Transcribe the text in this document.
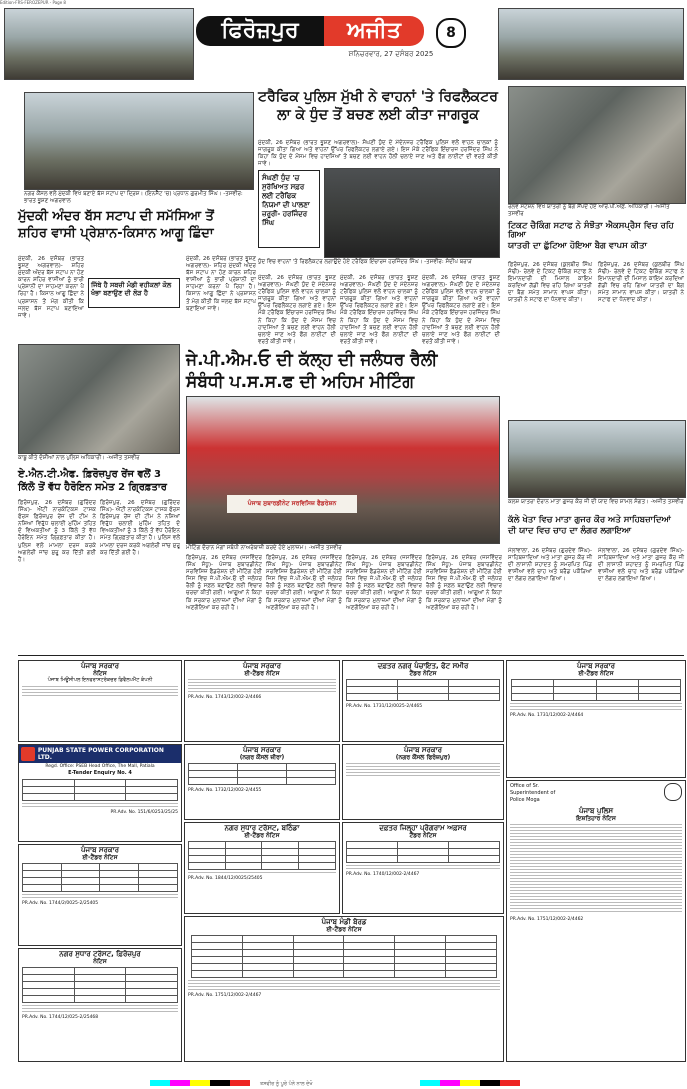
Edition-FRS-FEROZEPUR - Page 8
ਫਿਰੋਜ਼ਪੁਰ	ਅਜੀਤ
ਸ਼ਨਿਚਰਵਾਰ, 27 ਦਸੰਬਰ 2025
8
ਟਰੈਫਿਕ ਪੁਲਿਸ ਮੁੱਖੀ ਨੇ ਵਾਹਨਾਂ 'ਤੇ ਰਿਫਲੈਕਟਰ
ਲਾ ਕੇ ਧੁੰਦ ਤੋਂ ਬਚਣ ਲਈ ਕੀਤਾ ਜਾਗਰੂਕ
ਮੁੱਦਕੀ, 26 ਦਸੰਬਰ (ਭਾਰਤ ਭੂਸ਼ਣ ਅਗਰਵਾਲ)- ਸੰਘਣੀ ਧੁੰਦ ਦੇ ਮੱਦੇਨਜ਼ਰ ਟਰੈਫਿਕ ਪੁਲਿਸ ਵਲੋਂ ਵਾਹਨ ਚਾਲਕਾਂ ਨੂੰ ਜਾਗਰੂਕ ਕੀਤਾ ਗਿਆ ਅਤੇ ਵਾਹਨਾਂ ਉੱਪਰ ਰਿਫਲੈਕਟਰ ਲਗਾਏ ਗਏ। ਇਸ ਮੌਕੇ ਟਰੈਫਿਕ ਇੰਚਾਰਜ ਹਰਜਿੰਦਰ ਸਿੰਘ ਨੇ ਕਿਹਾ ਕਿ ਧੁੰਦ ਦੇ ਮੌਸਮ ਵਿਚ ਹਾਦਸਿਆਂ ਤੋਂ ਬਚਣ ਲਈ ਵਾਹਨ ਹੌਲੀ ਚਲਾਏ ਜਾਣ ਅਤੇ ਫੌਗ ਲਾਈਟਾਂ ਦੀ ਵਰਤੋਂ ਕੀਤੀ ਜਾਵੇ।
ਸੰਘਣੀ ਧੁੰਦ 'ਚ ਸੁਰੱਖਿਅਤ ਸਫ਼ਰ ਲਈ ਟਰੈਫਿਕ ਨਿਯਮਾਂ ਦੀ ਪਾਲਣਾ ਜ਼ਰੂਰੀ- ਹਰਜਿੰਦਰ ਸਿੰਘ
ਧੁੰਦ ਵਿਚ ਵਾਹਨਾਂ 'ਤੇ ਰਿਫਲੈਕਟਰ ਲਗਾਉਂਦੇ ਹੋਏ ਟਰੈਫਿਕ ਇੰਚਾਰਜ ਹਰਜਿੰਦਰ ਸਿੰਘ। -ਤਸਵੀਰ: ਸੰਦੀਪ ਬਰਾੜ
ਨਗਰ ਕੌਂਸਲ ਵਲੋਂ ਮੁੱਦਕੀ ਵਿਖੇ ਬਣਾਏ ਬੱਸ ਸਟਾਪ ਦਾ ਦ੍ਰਿਸ਼। (ਇਨਸੈੱਟ 'ਚ) ਪ੍ਰਧਾਨ ਗੁਰਮੀਤ ਸਿੰਘ। -ਤਸਵੀਰ: ਭਾਰਤ ਭੂਸ਼ਣ ਅਗਰਵਾਲ
ਮੁੱਦਕੀ ਅੰਦਰ ਬੱਸ ਸਟਾਪ ਦੀ ਸਮੱਸਿਆ ਤੋਂ
ਸ਼ਹਿਰ ਵਾਸੀ ਪ੍ਰੇਸ਼ਾਨ-ਕਿਸਾਨ ਆਗੂ ਛਿੰਦਾ
ਜਿੱਥੇ ਹੈ ਸਬਜ਼ੀ ਮੰਡੀ ਵਹੀਕਲਾਂ ਕੋਲ ਖੰਭਾ ਬਣਾਉਣ ਦੀ ਲੋੜ ਹੈ
ਮੁੱਦਕੀ, 26 ਦਸੰਬਰ (ਭਾਰਤ ਭੂਸ਼ਣ ਅਗਰਵਾਲ)- ਸ਼ਹਿਰ ਮੁੱਦਕੀ ਅੰਦਰ ਬੱਸ ਸਟਾਪ ਨਾ ਹੋਣ ਕਾਰਨ ਸ਼ਹਿਰ ਵਾਸੀਆਂ ਨੂੰ ਭਾਰੀ ਪ੍ਰੇਸ਼ਾਨੀ ਦਾ ਸਾਹਮਣਾ ਕਰਨਾ ਪੈ ਰਿਹਾ ਹੈ। ਕਿਸਾਨ ਆਗੂ ਛਿੰਦਾ ਨੇ ਪ੍ਰਸ਼ਾਸਨ ਤੋਂ ਮੰਗ ਕੀਤੀ ਕਿ ਜਲਦ ਬੱਸ ਸਟਾਪ ਬਣਾਇਆ ਜਾਵੇ।
ਮੁੱਦਕੀ, 26 ਦਸੰਬਰ (ਭਾਰਤ ਭੂਸ਼ਣ ਅਗਰਵਾਲ)- ਸ਼ਹਿਰ ਮੁੱਦਕੀ ਅੰਦਰ ਬੱਸ ਸਟਾਪ ਨਾ ਹੋਣ ਕਾਰਨ ਸ਼ਹਿਰ ਵਾਸੀਆਂ ਨੂੰ ਭਾਰੀ ਪ੍ਰੇਸ਼ਾਨੀ ਦਾ ਸਾਹਮਣਾ ਕਰਨਾ ਪੈ ਰਿਹਾ ਹੈ। ਕਿਸਾਨ ਆਗੂ ਛਿੰਦਾ ਨੇ ਪ੍ਰਸ਼ਾਸਨ ਤੋਂ ਮੰਗ ਕੀਤੀ ਕਿ ਜਲਦ ਬੱਸ ਸਟਾਪ ਬਣਾਇਆ ਜਾਵੇ।
ਮੁੱਦਕੀ, 26 ਦਸੰਬਰ (ਭਾਰਤ ਭੂਸ਼ਣ ਅਗਰਵਾਲ)- ਸੰਘਣੀ ਧੁੰਦ ਦੇ ਮੱਦੇਨਜ਼ਰ ਟਰੈਫਿਕ ਪੁਲਿਸ ਵਲੋਂ ਵਾਹਨ ਚਾਲਕਾਂ ਨੂੰ ਜਾਗਰੂਕ ਕੀਤਾ ਗਿਆ ਅਤੇ ਵਾਹਨਾਂ ਉੱਪਰ ਰਿਫਲੈਕਟਰ ਲਗਾਏ ਗਏ। ਇਸ ਮੌਕੇ ਟਰੈਫਿਕ ਇੰਚਾਰਜ ਹਰਜਿੰਦਰ ਸਿੰਘ ਨੇ ਕਿਹਾ ਕਿ ਧੁੰਦ ਦੇ ਮੌਸਮ ਵਿਚ ਹਾਦਸਿਆਂ ਤੋਂ ਬਚਣ ਲਈ ਵਾਹਨ ਹੌਲੀ ਚਲਾਏ ਜਾਣ ਅਤੇ ਫੌਗ ਲਾਈਟਾਂ ਦੀ ਵਰਤੋਂ ਕੀਤੀ ਜਾਵੇ।
ਮੁੱਦਕੀ, 26 ਦਸੰਬਰ (ਭਾਰਤ ਭੂਸ਼ਣ ਅਗਰਵਾਲ)- ਸੰਘਣੀ ਧੁੰਦ ਦੇ ਮੱਦੇਨਜ਼ਰ ਟਰੈਫਿਕ ਪੁਲਿਸ ਵਲੋਂ ਵਾਹਨ ਚਾਲਕਾਂ ਨੂੰ ਜਾਗਰੂਕ ਕੀਤਾ ਗਿਆ ਅਤੇ ਵਾਹਨਾਂ ਉੱਪਰ ਰਿਫਲੈਕਟਰ ਲਗਾਏ ਗਏ। ਇਸ ਮੌਕੇ ਟਰੈਫਿਕ ਇੰਚਾਰਜ ਹਰਜਿੰਦਰ ਸਿੰਘ ਨੇ ਕਿਹਾ ਕਿ ਧੁੰਦ ਦੇ ਮੌਸਮ ਵਿਚ ਹਾਦਸਿਆਂ ਤੋਂ ਬਚਣ ਲਈ ਵਾਹਨ ਹੌਲੀ ਚਲਾਏ ਜਾਣ ਅਤੇ ਫੌਗ ਲਾਈਟਾਂ ਦੀ ਵਰਤੋਂ ਕੀਤੀ ਜਾਵੇ।
ਮੁੱਦਕੀ, 26 ਦਸੰਬਰ (ਭਾਰਤ ਭੂਸ਼ਣ ਅਗਰਵਾਲ)- ਸੰਘਣੀ ਧੁੰਦ ਦੇ ਮੱਦੇਨਜ਼ਰ ਟਰੈਫਿਕ ਪੁਲਿਸ ਵਲੋਂ ਵਾਹਨ ਚਾਲਕਾਂ ਨੂੰ ਜਾਗਰੂਕ ਕੀਤਾ ਗਿਆ ਅਤੇ ਵਾਹਨਾਂ ਉੱਪਰ ਰਿਫਲੈਕਟਰ ਲਗਾਏ ਗਏ। ਇਸ ਮੌਕੇ ਟਰੈਫਿਕ ਇੰਚਾਰਜ ਹਰਜਿੰਦਰ ਸਿੰਘ ਨੇ ਕਿਹਾ ਕਿ ਧੁੰਦ ਦੇ ਮੌਸਮ ਵਿਚ ਹਾਦਸਿਆਂ ਤੋਂ ਬਚਣ ਲਈ ਵਾਹਨ ਹੌਲੀ ਚਲਾਏ ਜਾਣ ਅਤੇ ਫੌਗ ਲਾਈਟਾਂ ਦੀ ਵਰਤੋਂ ਕੀਤੀ ਜਾਵੇ।
ਕਾਬੂ ਕੀਤੇ ਦੋਸ਼ੀਆਂ ਨਾਲ ਪੁਲਿਸ ਅਧਿਕਾਰੀ। -ਅਜੀਤ ਤਸਵੀਰ
ਏ.ਐਨ.ਟੀ.ਐਫ. ਫ਼ਿਰੋਜ਼ਪੁਰ ਰੇਂਜ ਵਲੋਂ 3
ਕਿੱਲੋ ਤੋਂ ਵੱਧ ਹੈਰੋਇਨ ਸਮੇਤ 2 ਗ੍ਰਿਫ਼ਤਾਰ
ਫ਼ਿਰੋਜ਼ਪੁਰ, 26 ਦਸੰਬਰ (ਗੁਰਿੰਦਰ ਸਿੰਘ)- ਐਂਟੀ ਨਾਰਕੋਟਿਕਸ ਟਾਸਕ ਫੋਰਸ ਫ਼ਿਰੋਜ਼ਪੁਰ ਰੇਂਜ ਦੀ ਟੀਮ ਨੇ ਨਸ਼ਿਆਂ ਵਿਰੁੱਧ ਚਲਾਈ ਮੁਹਿੰਮ ਤਹਿਤ ਦੋ ਵਿਅਕਤੀਆਂ ਨੂੰ 3 ਕਿੱਲੋ ਤੋਂ ਵੱਧ ਹੈਰੋਇਨ ਸਮੇਤ ਗ੍ਰਿਫ਼ਤਾਰ ਕੀਤਾ ਹੈ। ਪੁਲਿਸ ਵਲੋਂ ਮਾਮਲਾ ਦਰਜ ਕਰਕੇ ਅਗਲੇਰੀ ਜਾਂਚ ਸ਼ੁਰੂ ਕਰ ਦਿੱਤੀ ਗਈ ਹੈ।
ਫ਼ਿਰੋਜ਼ਪੁਰ, 26 ਦਸੰਬਰ (ਗੁਰਿੰਦਰ ਸਿੰਘ)- ਐਂਟੀ ਨਾਰਕੋਟਿਕਸ ਟਾਸਕ ਫੋਰਸ ਫ਼ਿਰੋਜ਼ਪੁਰ ਰੇਂਜ ਦੀ ਟੀਮ ਨੇ ਨਸ਼ਿਆਂ ਵਿਰੁੱਧ ਚਲਾਈ ਮੁਹਿੰਮ ਤਹਿਤ ਦੋ ਵਿਅਕਤੀਆਂ ਨੂੰ 3 ਕਿੱਲੋ ਤੋਂ ਵੱਧ ਹੈਰੋਇਨ ਸਮੇਤ ਗ੍ਰਿਫ਼ਤਾਰ ਕੀਤਾ ਹੈ। ਪੁਲਿਸ ਵਲੋਂ ਮਾਮਲਾ ਦਰਜ ਕਰਕੇ ਅਗਲੇਰੀ ਜਾਂਚ ਸ਼ੁਰੂ ਕਰ ਦਿੱਤੀ ਗਈ ਹੈ।
ਜੇ.ਪੀ.ਐਮ.ਓ ਦੀ ਕੱਲ੍ਹ ਦੀ ਜਲੰਧਰ ਰੈਲੀ
ਸੰਬੰਧੀ ਪ.ਸ.ਸ.ਫ ਦੀ ਅਹਿਮ ਮੀਟਿੰਗ
ਪੰਜਾਬ ਸੁਬਾਰਡੀਨੇਟ ਸਰਵਿਸਿਜ਼ ਫੈਡਰੇਸ਼ਨ
ਮੀਟਿੰਗ ਦੌਰਾਨ ਮੰਗਾਂ ਸਬੰਧੀ ਨਾਅਰੇਬਾਜ਼ੀ ਕਰਦੇ ਹੋਏ ਮੁਲਾਜ਼ਮ। -ਅਜੀਤ ਤਸਵੀਰ
ਫ਼ਿਰੋਜ਼ਪੁਰ, 26 ਦਸੰਬਰ (ਜਸਵਿੰਦਰ ਸਿੰਘ ਸੰਧੂ)- ਪੰਜਾਬ ਸੁਬਾਰਡੀਨੇਟ ਸਰਵਿਸਿਜ਼ ਫੈਡਰੇਸ਼ਨ ਦੀ ਮੀਟਿੰਗ ਹੋਈ ਜਿਸ ਵਿਚ ਜੇ.ਪੀ.ਐਮ.ਓ ਦੀ ਜਲੰਧਰ ਰੈਲੀ ਨੂੰ ਸਫ਼ਲ ਬਣਾਉਣ ਲਈ ਵਿਚਾਰ ਚਰਚਾ ਕੀਤੀ ਗਈ। ਆਗੂਆਂ ਨੇ ਕਿਹਾ ਕਿ ਸਰਕਾਰ ਮੁਲਾਜ਼ਮਾਂ ਦੀਆਂ ਮੰਗਾਂ ਨੂੰ ਅਣਗੌਲਿਆ ਕਰ ਰਹੀ ਹੈ।
ਫ਼ਿਰੋਜ਼ਪੁਰ, 26 ਦਸੰਬਰ (ਜਸਵਿੰਦਰ ਸਿੰਘ ਸੰਧੂ)- ਪੰਜਾਬ ਸੁਬਾਰਡੀਨੇਟ ਸਰਵਿਸਿਜ਼ ਫੈਡਰੇਸ਼ਨ ਦੀ ਮੀਟਿੰਗ ਹੋਈ ਜਿਸ ਵਿਚ ਜੇ.ਪੀ.ਐਮ.ਓ ਦੀ ਜਲੰਧਰ ਰੈਲੀ ਨੂੰ ਸਫ਼ਲ ਬਣਾਉਣ ਲਈ ਵਿਚਾਰ ਚਰਚਾ ਕੀਤੀ ਗਈ। ਆਗੂਆਂ ਨੇ ਕਿਹਾ ਕਿ ਸਰਕਾਰ ਮੁਲਾਜ਼ਮਾਂ ਦੀਆਂ ਮੰਗਾਂ ਨੂੰ ਅਣਗੌਲਿਆ ਕਰ ਰਹੀ ਹੈ।
ਫ਼ਿਰੋਜ਼ਪੁਰ, 26 ਦਸੰਬਰ (ਜਸਵਿੰਦਰ ਸਿੰਘ ਸੰਧੂ)- ਪੰਜਾਬ ਸੁਬਾਰਡੀਨੇਟ ਸਰਵਿਸਿਜ਼ ਫੈਡਰੇਸ਼ਨ ਦੀ ਮੀਟਿੰਗ ਹੋਈ ਜਿਸ ਵਿਚ ਜੇ.ਪੀ.ਐਮ.ਓ ਦੀ ਜਲੰਧਰ ਰੈਲੀ ਨੂੰ ਸਫ਼ਲ ਬਣਾਉਣ ਲਈ ਵਿਚਾਰ ਚਰਚਾ ਕੀਤੀ ਗਈ। ਆਗੂਆਂ ਨੇ ਕਿਹਾ ਕਿ ਸਰਕਾਰ ਮੁਲਾਜ਼ਮਾਂ ਦੀਆਂ ਮੰਗਾਂ ਨੂੰ ਅਣਗੌਲਿਆ ਕਰ ਰਹੀ ਹੈ।
ਫ਼ਿਰੋਜ਼ਪੁਰ, 26 ਦਸੰਬਰ (ਜਸਵਿੰਦਰ ਸਿੰਘ ਸੰਧੂ)- ਪੰਜਾਬ ਸੁਬਾਰਡੀਨੇਟ ਸਰਵਿਸਿਜ਼ ਫੈਡਰੇਸ਼ਨ ਦੀ ਮੀਟਿੰਗ ਹੋਈ ਜਿਸ ਵਿਚ ਜੇ.ਪੀ.ਐਮ.ਓ ਦੀ ਜਲੰਧਰ ਰੈਲੀ ਨੂੰ ਸਫ਼ਲ ਬਣਾਉਣ ਲਈ ਵਿਚਾਰ ਚਰਚਾ ਕੀਤੀ ਗਈ। ਆਗੂਆਂ ਨੇ ਕਿਹਾ ਕਿ ਸਰਕਾਰ ਮੁਲਾਜ਼ਮਾਂ ਦੀਆਂ ਮੰਗਾਂ ਨੂੰ ਅਣਗੌਲਿਆ ਕਰ ਰਹੀ ਹੈ।
ਰੇਲਵੇ ਸਟੇਸ਼ਨ ਵਿਖੇ ਯਾਤਰੀ ਨੂੰ ਬੈਗ ਸੌਂਪਦੇ ਹੋਏ ਆਰ.ਪੀ.ਐਫ਼. ਅਧਿਕਾਰੀ। -ਅਜੀਤ ਤਸਵੀਰ
ਟਿਕਟ ਚੈਕਿੰਗ ਸਟਾਫ ਨੇ ਸੰਝੌਤਾ ਐਕਸਪ੍ਰੈਸ ਵਿਚ ਰਹਿ ਗਿਆ
ਯਾਤਰੀ ਦਾ ਛੁੱਟਿਆ ਹੋਇਆ ਬੈਗ ਵਾਪਸ ਕੀਤਾ
ਫ਼ਿਰੋਜ਼ਪੁਰ, 26 ਦਸੰਬਰ (ਕੁਲਬੀਰ ਸਿੰਘ ਸੋਢੀ)- ਰੇਲਵੇ ਦੇ ਟਿਕਟ ਚੈਕਿੰਗ ਸਟਾਫ ਨੇ ਇਮਾਨਦਾਰੀ ਦੀ ਮਿਸਾਲ ਕਾਇਮ ਕਰਦਿਆਂ ਗੱਡੀ ਵਿਚ ਰਹਿ ਗਿਆ ਯਾਤਰੀ ਦਾ ਬੈਗ ਸਮੇਤ ਸਾਮਾਨ ਵਾਪਸ ਕੀਤਾ। ਯਾਤਰੀ ਨੇ ਸਟਾਫ ਦਾ ਧੰਨਵਾਦ ਕੀਤਾ।
ਫ਼ਿਰੋਜ਼ਪੁਰ, 26 ਦਸੰਬਰ (ਕੁਲਬੀਰ ਸਿੰਘ ਸੋਢੀ)- ਰੇਲਵੇ ਦੇ ਟਿਕਟ ਚੈਕਿੰਗ ਸਟਾਫ ਨੇ ਇਮਾਨਦਾਰੀ ਦੀ ਮਿਸਾਲ ਕਾਇਮ ਕਰਦਿਆਂ ਗੱਡੀ ਵਿਚ ਰਹਿ ਗਿਆ ਯਾਤਰੀ ਦਾ ਬੈਗ ਸਮੇਤ ਸਾਮਾਨ ਵਾਪਸ ਕੀਤਾ। ਯਾਤਰੀ ਨੇ ਸਟਾਫ ਦਾ ਧੰਨਵਾਦ ਕੀਤਾ।
ਕਲਸ਼ ਯਾਤਰਾ ਦੌਰਾਨ ਮਾਤਾ ਗੁਜਰ ਕੌਰ ਜੀ ਦੀ ਯਾਦ ਵਿਚ ਸ਼ਾਮਲ ਸੰਗਤ। -ਅਜੀਤ ਤਸਵੀਰ
ਕੱਲੇ ਖੇਤਾ ਵਿਚ ਮਾਤਾ ਗੁਜਰ ਕੌਰ ਅਤੇ ਸਾਹਿਬਜ਼ਾਦਿਆਂ
ਦੀ ਯਾਦ ਵਿਚ ਚਾਹ ਦਾ ਲੰਗਰ ਲਗਾਇਆ
ਮੱਲਾਂਵਾਲਾ, 26 ਦਸੰਬਰ (ਗੁਰਦੇਵ ਸਿੰਘ)- ਸਾਹਿਬਜ਼ਾਦਿਆਂ ਅਤੇ ਮਾਤਾ ਗੁਜਰ ਕੌਰ ਜੀ ਦੀ ਲਾਸਾਨੀ ਸ਼ਹਾਦਤ ਨੂੰ ਸਮਰਪਿਤ ਪਿੰਡ ਵਾਸੀਆਂ ਵਲੋਂ ਚਾਹ ਅਤੇ ਬਰੈਡ ਪਕੌੜਿਆਂ ਦਾ ਲੰਗਰ ਲਗਾਇਆ ਗਿਆ।
ਮੱਲਾਂਵਾਲਾ, 26 ਦਸੰਬਰ (ਗੁਰਦੇਵ ਸਿੰਘ)- ਸਾਹਿਬਜ਼ਾਦਿਆਂ ਅਤੇ ਮਾਤਾ ਗੁਜਰ ਕੌਰ ਜੀ ਦੀ ਲਾਸਾਨੀ ਸ਼ਹਾਦਤ ਨੂੰ ਸਮਰਪਿਤ ਪਿੰਡ ਵਾਸੀਆਂ ਵਲੋਂ ਚਾਹ ਅਤੇ ਬਰੈਡ ਪਕੌੜਿਆਂ ਦਾ ਲੰਗਰ ਲਗਾਇਆ ਗਿਆ।
ਪੰਜਾਬ ਸਰਕਾਰ
ਨੋਟਿਸ
ਪੰਜਾਬ ਮਿਊਂਸੀਪਲ ਇਨਫਰਾਸਟਰੱਕਚਰ ਡਿਵੈਲਪਮੈਂਟ ਕੰਪਨੀ
PUNJAB STATE POWER CORPORATION LTD.
Regd. Office: PSEB Head Office, The Mall, Patiala
E-Tender Enquiry No. 4

PR.Adv. No. 151/6/0253/25/25
ਪੰਜਾਬ ਸਰਕਾਰ
ਈ-ਟੈਂਡਰ ਨੋਟਿਸ

PR.Adv. No. 1744/2/0025-2/25405
ਨਗਰ ਸੁਧਾਰ ਟਰੱਸਟ, ਫ਼ਿਰੋਜ਼ਪੁਰ
ਨੋਟਿਸ

PR.Adv. No. 1744/12/025-2/25468
ਪੰਜਾਬ ਸਰਕਾਰ
ਈ-ਟੈਂਡਰ ਨੋਟਿਸ
PR.Adv. No. 1743/12/002-2/4466
ਪੰਜਾਬ ਸਰਕਾਰ
(ਨਗਰ ਕੌਂਸਲ ਜ਼ੀਰਾ)

PR.Adv. No. 1732/12/002-2/4455
ਪੰਜਾਬ ਸਰਕਾਰ
(ਨਗਰ ਕੌਂਸਲ ਫਿਰੋਜ਼ਪੁਰ)
ਨਗਰ ਸੁਧਾਰ ਟਰੱਸਟ, ਬਠਿੰਡਾ
ਈ-ਟੈਂਡਰ ਨੋਟਿਸ

PR.Adv. No. 1844/12/0025/25405
ਦਫ਼ਤਰ ਜਿਲ੍ਹਾ ਪ੍ਰੋਗਰਾਮ ਅਫ਼ਸਰ
ਟੈਂਡਰ ਨੋਟਿਸ

PR.Adv. No. 1740/12/002-2/4467
ਪੰਜਾਬ ਮੰਡੀ ਬੋਰਡ
ਈ-ਟੈਂਡਰ ਨੋਟਿਸ

PR.Adv. No. 1751/12/002-2/4467
ਦਫ਼ਤਰ ਨਗਰ ਪੰਚਾਇਤ, ਫੋਟ ਸਮੀਰ
ਟੈਂਡਰ ਨੋਟਿਸ

PR.Adv. No. 1731/12/0025-2/4465
ਪੰਜਾਬ ਸਰਕਾਰ
ਈ-ਟੈਂਡਰ ਨੋਟਿਸ

PR.Adv. No. 1731/12/002-2/4464
Office of Sr. Superintendent of Police Moga
ਪੰਜਾਬ ਪੁਲਿਸ
ਇਸ਼ਤਿਹਾਰ ਨੋਟਿਸ
PR.Adv. No. 1751/12/002-2/4462
ਤਸਵੀਰ ਨੂੰ ਪੂਰੇ ਪੰਨੇ ਨਾਲ ਦੇਖੋ
